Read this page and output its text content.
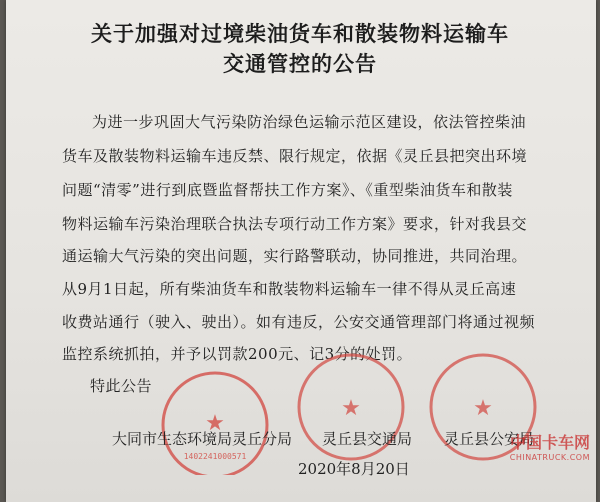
关于加强对过境柴油货车和散装物料运输车
交通管控的公告
为进一步巩固大气污染防治绿色运输示范区建设，依法管控柴油
货车及散装物料运输车违反禁、限行规定，依据《灵丘县把突出环境
问题“清零”进行到底暨监督帮扶工作方案》、《重型柴油货车和散装
物料运输车污染治理联合执法专项行动工作方案》要求，针对我县交
通运输大气污染的突出问题，实行路警联动，协同推进，共同治理。
从9月1日起，所有柴油货车和散装物料运输车一律不得从灵丘高速
收费站通行（驶入、驶出）。如有违反，公安交通管理部门将通过视频
监控系统抓拍，并予以罚款200元、记3分的处罚。
特此公告
★
1402241000571
★	★
大同市生态环境局灵丘分局 灵丘县交通局 灵丘县公安局
2020年8月20日
中国卡车网
CHINATRUCK.COM
